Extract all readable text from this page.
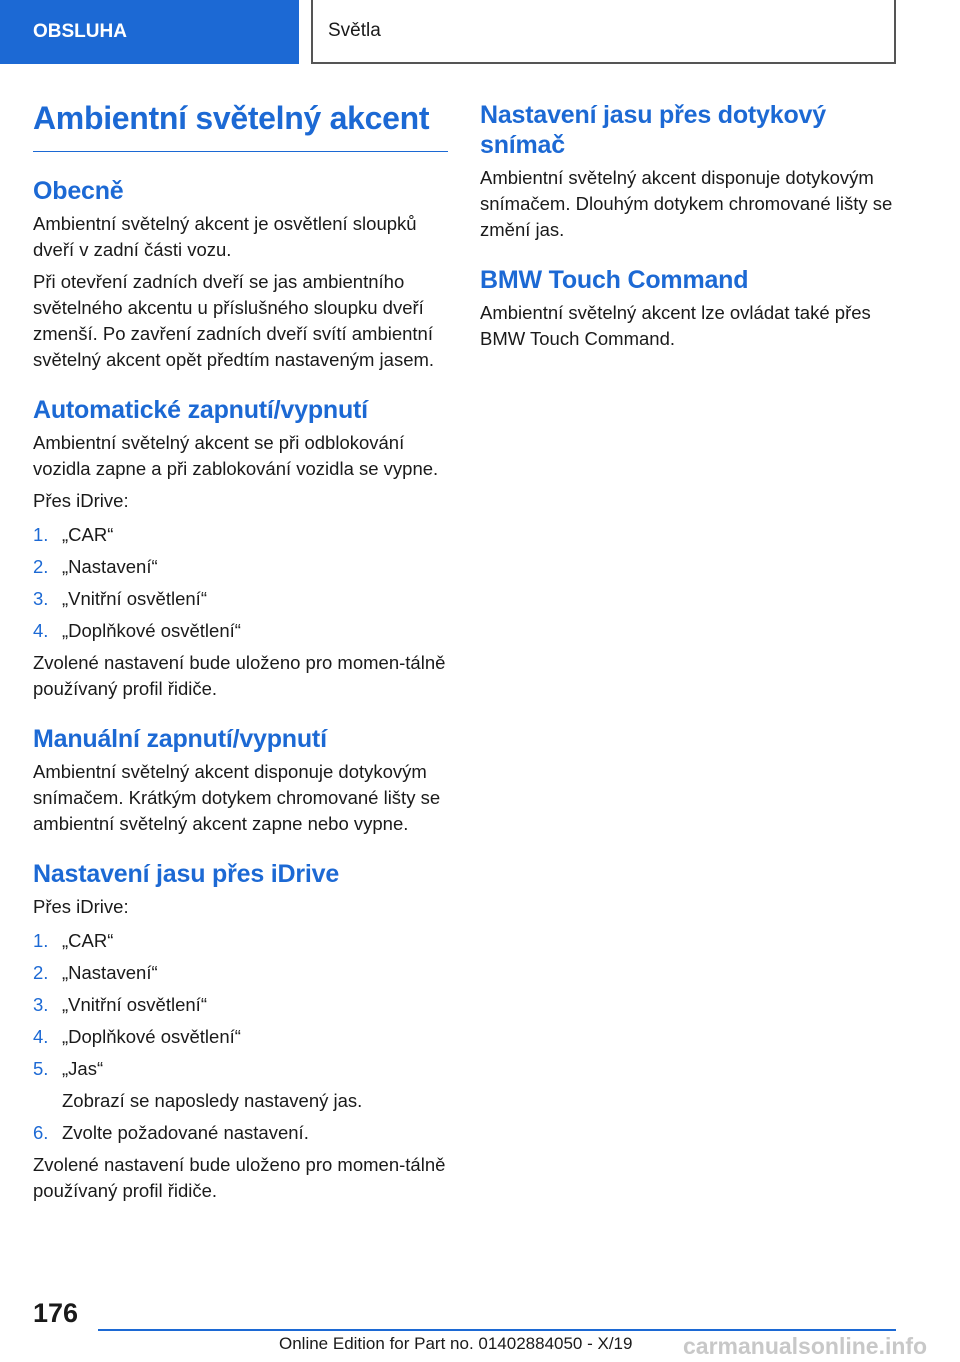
OBSLUHA	Světla
Ambientní světelný akcent
Obecně

Ambientní světelný akcent je osvětlení sloupků dveří v zadní části vozu.

Při otevření zadních dveří se jas ambientního světelného akcentu u příslušného sloupku dveří zmenší. Po zavření zadních dveří svítí ambientní světelný akcent opět předtím nastaveným jasem.

Automatické zapnutí/vypnutí

Ambientní světelný akcent se při odblokování vozidla zapne a při zablokování vozidla se vypne.

Přes iDrive:

1. „CAR“
2. „Nastavení“
3. „Vnitřní osvětlení“
4. „Doplňkové osvětlení“

Zvolené nastavení bude uloženo pro momen-tálně používaný profil řidiče.

Manuální zapnutí/vypnutí

Ambientní světelný akcent disponuje dotykovým snímačem. Krátkým dotykem chromované lišty se ambientní světelný akcent zapne nebo vypne.

Nastavení jasu přes iDrive

Přes iDrive:

1. „CAR“
2. „Nastavení“
3. „Vnitřní osvětlení“
4. „Doplňkové osvětlení“
5. „Jas“
Zobrazí se naposledy nastavený jas.
6. Zvolte požadované nastavení.

Zvolené nastavení bude uloženo pro momen-tálně používaný profil řidiče.

Nastavení jasu přes dotykový snímač

Ambientní světelný akcent disponuje dotykovým snímačem. Dlouhým dotykem chromované lišty se změní jas.

BMW Touch Command

Ambientní světelný akcent lze ovládat také přes BMW Touch Command.

176
Online Edition for Part no. 01402884050 - X/19 carmanualsonline.info
